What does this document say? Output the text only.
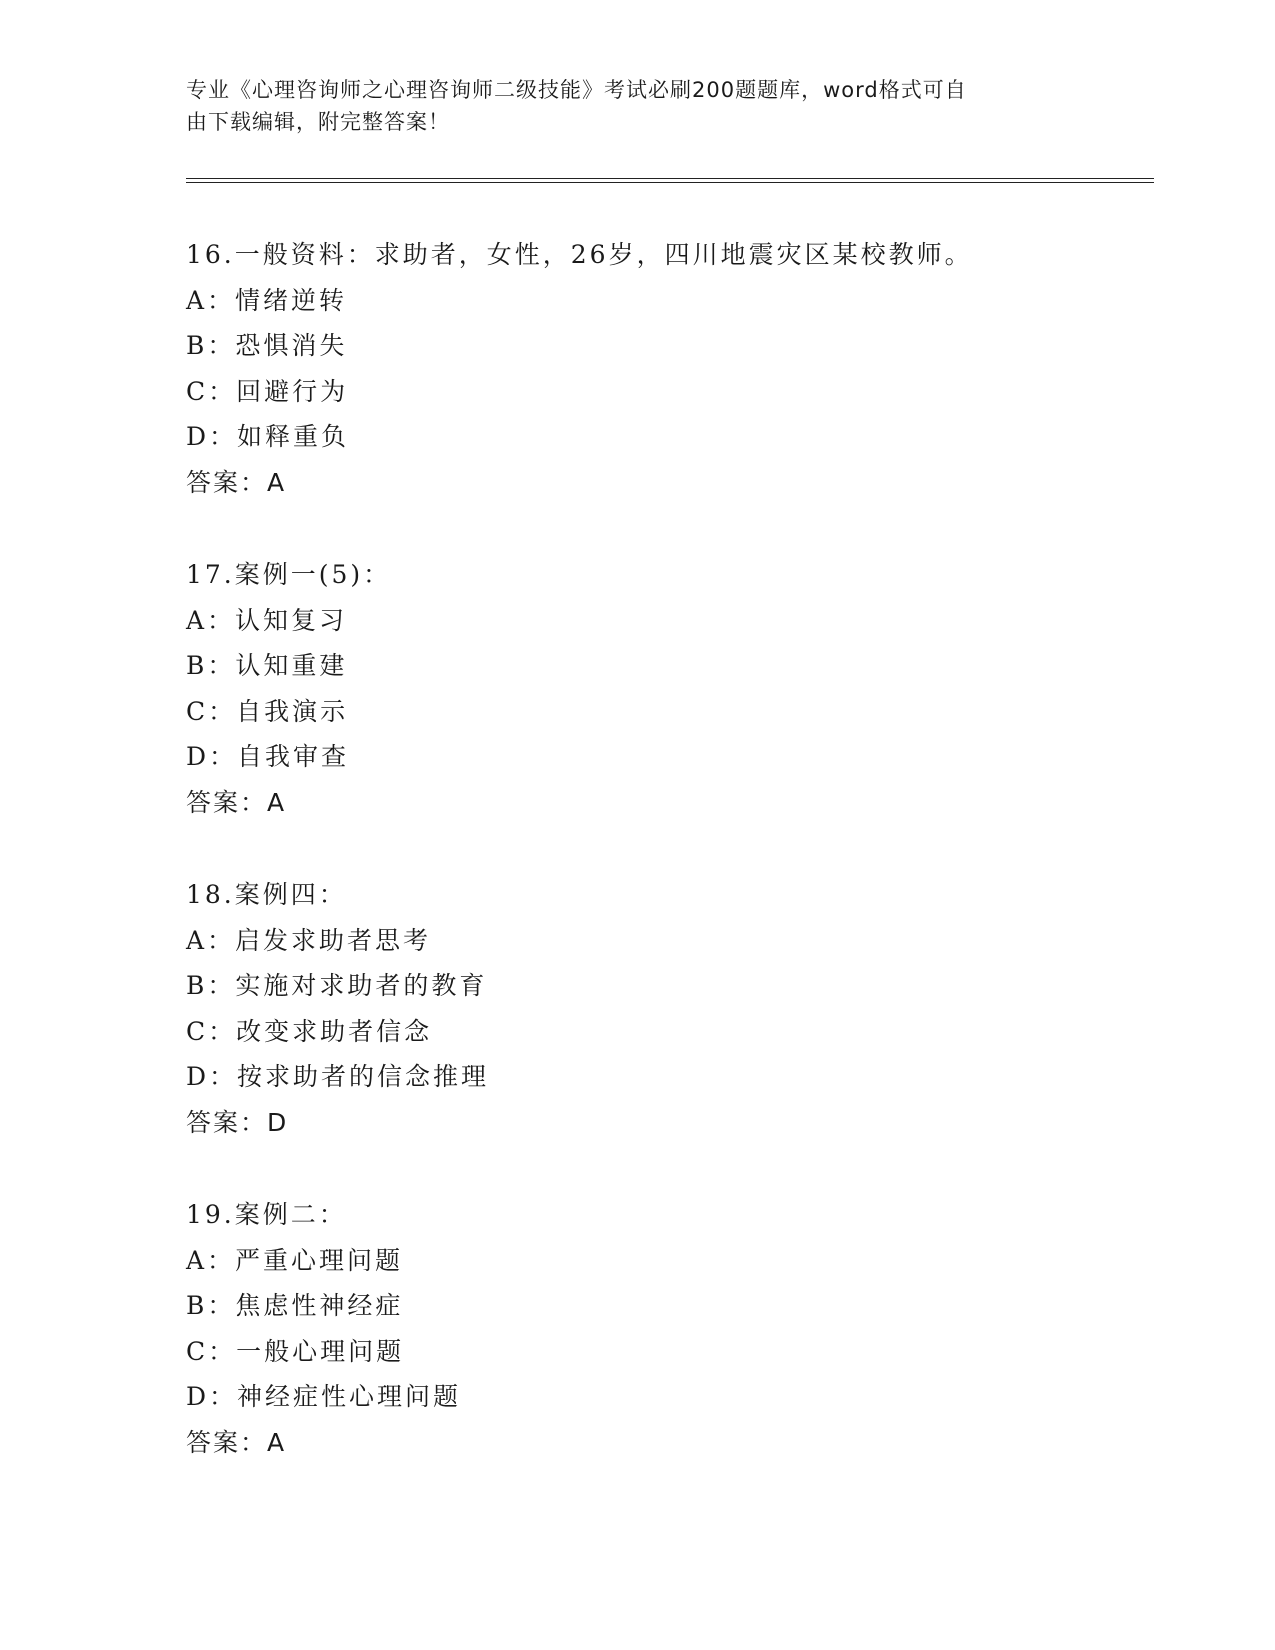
专业《心理咨询师之心理咨询师二级技能》考试必刷200题题库，word格式可自
由下载编辑，附完整答案！
16.一般资料：求助者，女性，26岁，四川地震灾区某校教师。
A：情绪逆转
B：恐惧消失
C：回避行为
D：如释重负
答案：A
17.案例一(5)：
A：认知复习
B：认知重建
C：自我演示
D：自我审查
答案：A
18.案例四：
A：启发求助者思考
B：实施对求助者的教育
C：改变求助者信念
D：按求助者的信念推理
答案：D
19.案例二：
A：严重心理问题
B：焦虑性神经症
C：一般心理问题
D：神经症性心理问题
答案：A
